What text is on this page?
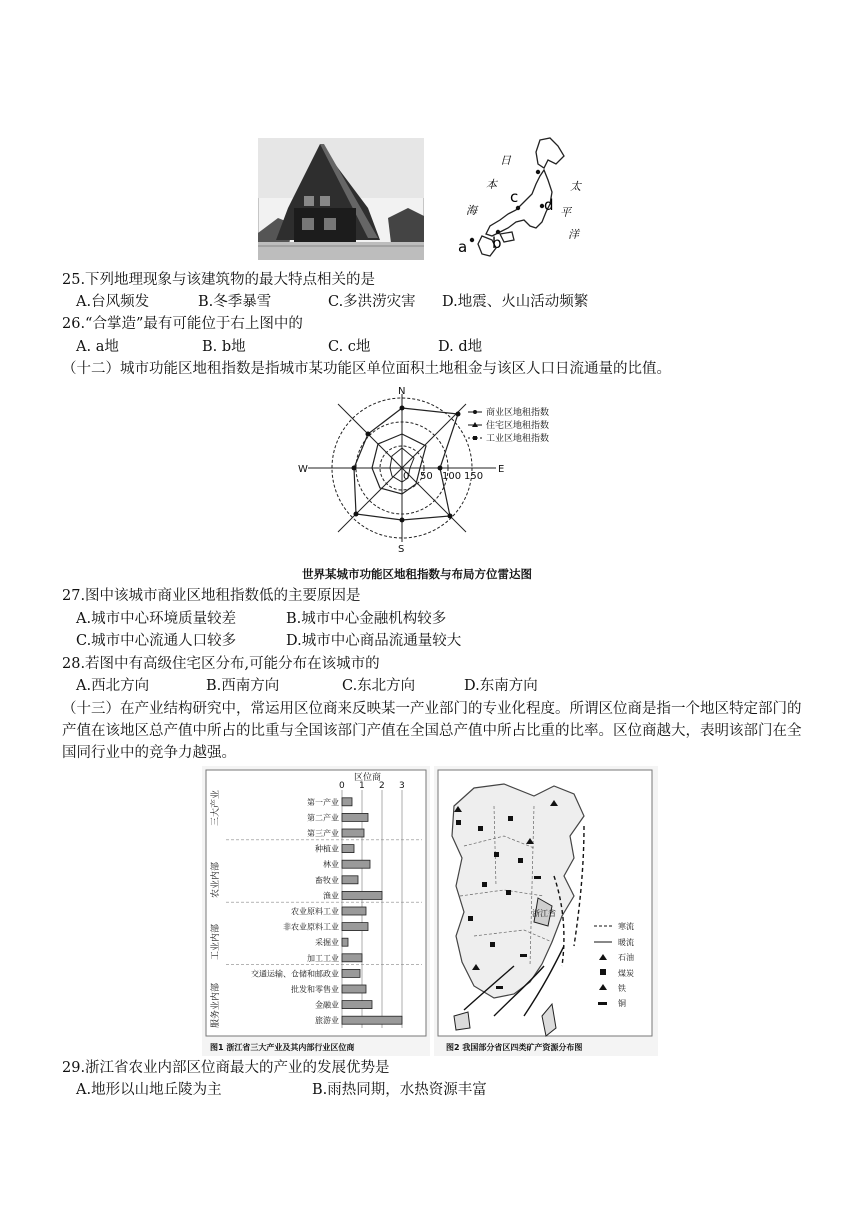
日
本
海
太
平
洋
a b
c d
25.下列地理现象与该建筑物的最大特点相关的是
A.台风频发	B.冬季暴雪	C.多洪涝灾害 D.地震、火山活动频繁
26.“合掌造”最有可能位于右上图中的
A. a地	B. b地	C. c地	D. d地
（十二）城市功能区地租指数是指城市某功能区单位面积土地租金与该区人口日流通量的比值。
N
S
E
W
0 50 100 150
商业区地租指数
住宅区地租指数
工业区地租指数
世界某城市功能区地租指数与布局方位雷达图
27.图中该城市商业区地租指数低的主要原因是
A.城市中心环境质量较差	B.城市中心金融机构较多
C.城市中心流通人口较多	D.城市中心商品流通量较大
28.若图中有高级住宅区分布,可能分布在该城市的
A.西北方向	B.西南方向	C.东北方向	D.东南方向
（十三）在产业结构研究中，常运用区位商来反映某一产业部门的专业化程度。所谓区位商是指一个地区特定部门的产值在该地区总产值中所占的比重与全国该部门产值在全国总产值中所占比重的比率。区位商越大，表明该部门在全国同行业中的竞争力越强。
区位商
0 1 2 3
第一产业
第二产业
第三产业
种植业
林业
畜牧业
渔业
农业原料工业
非农业原料工业
采掘业
加工工业
交通运输、仓储和邮政业
批发和零售业
金融业
旅游业
三大产业
农业内部
工业内部
服务业内部
图1 浙江省三大产业及其内部行业区位商
浙江省
寒流
暖流
石油
煤炭
铁
铜
图2 我国部分省区四类矿产资源分布图
29.浙江省农业内部区位商最大的产业的发展优势是
A.地形以山地丘陵为主	B.雨热同期，水热资源丰富
